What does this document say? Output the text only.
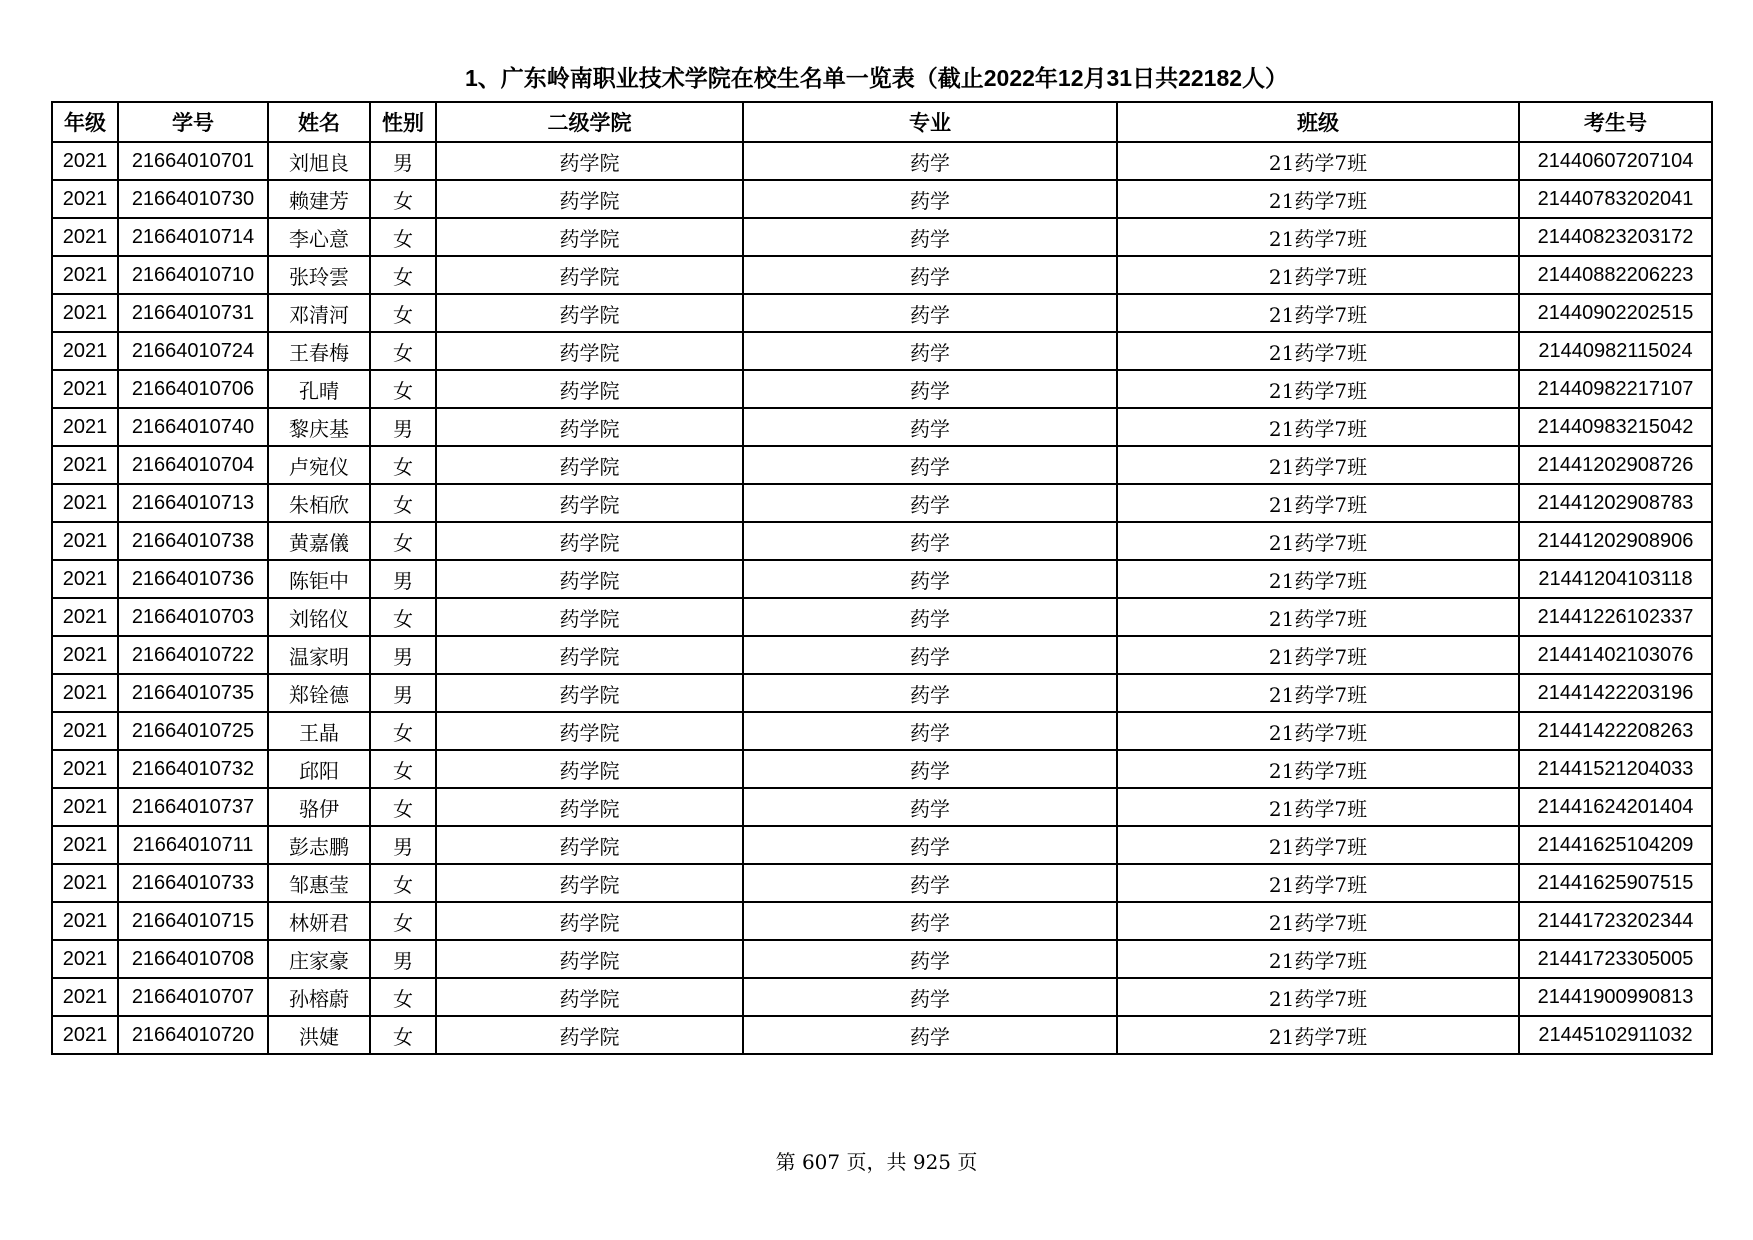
1、广东岭南职业技术学院在校生名单一览表（截止2022年12月31日共22182人）
年级	学号	姓名	性别	二级学院	专业	班级	考生号
2021	21664010701	刘旭良	男	药学院	药学	21药学7班	21440607207104
2021	21664010730	赖建芳	女	药学院	药学	21药学7班	21440783202041
2021	21664010714	李心意	女	药学院	药学	21药学7班	21440823203172
2021	21664010710	张玲雲	女	药学院	药学	21药学7班	21440882206223
2021	21664010731	邓清河	女	药学院	药学	21药学7班	21440902202515
2021	21664010724	王春梅	女	药学院	药学	21药学7班	21440982115024
2021	21664010706	孔晴	女	药学院	药学	21药学7班	21440982217107
2021	21664010740	黎庆基	男	药学院	药学	21药学7班	21440983215042
2021	21664010704	卢宛仪	女	药学院	药学	21药学7班	21441202908726
2021	21664010713	朱栢欣	女	药学院	药学	21药学7班	21441202908783
2021	21664010738	黄嘉儀	女	药学院	药学	21药学7班	21441202908906
2021	21664010736	陈钜中	男	药学院	药学	21药学7班	21441204103118
2021	21664010703	刘铭仪	女	药学院	药学	21药学7班	21441226102337
2021	21664010722	温家明	男	药学院	药学	21药学7班	21441402103076
2021	21664010735	郑铨德	男	药学院	药学	21药学7班	21441422203196
2021	21664010725	王晶	女	药学院	药学	21药学7班	21441422208263
2021	21664010732	邱阳	女	药学院	药学	21药学7班	21441521204033
2021	21664010737	骆伊	女	药学院	药学	21药学7班	21441624201404
2021	21664010711	彭志鹏	男	药学院	药学	21药学7班	21441625104209
2021	21664010733	邹惠莹	女	药学院	药学	21药学7班	21441625907515
2021	21664010715	林妍君	女	药学院	药学	21药学7班	21441723202344
2021	21664010708	庄家豪	男	药学院	药学	21药学7班	21441723305005
2021	21664010707	孙榕蔚	女	药学院	药学	21药学7班	21441900990813
2021	21664010720	洪婕	女	药学院	药学	21药学7班	21445102911032
第 607 页，共 925 页
